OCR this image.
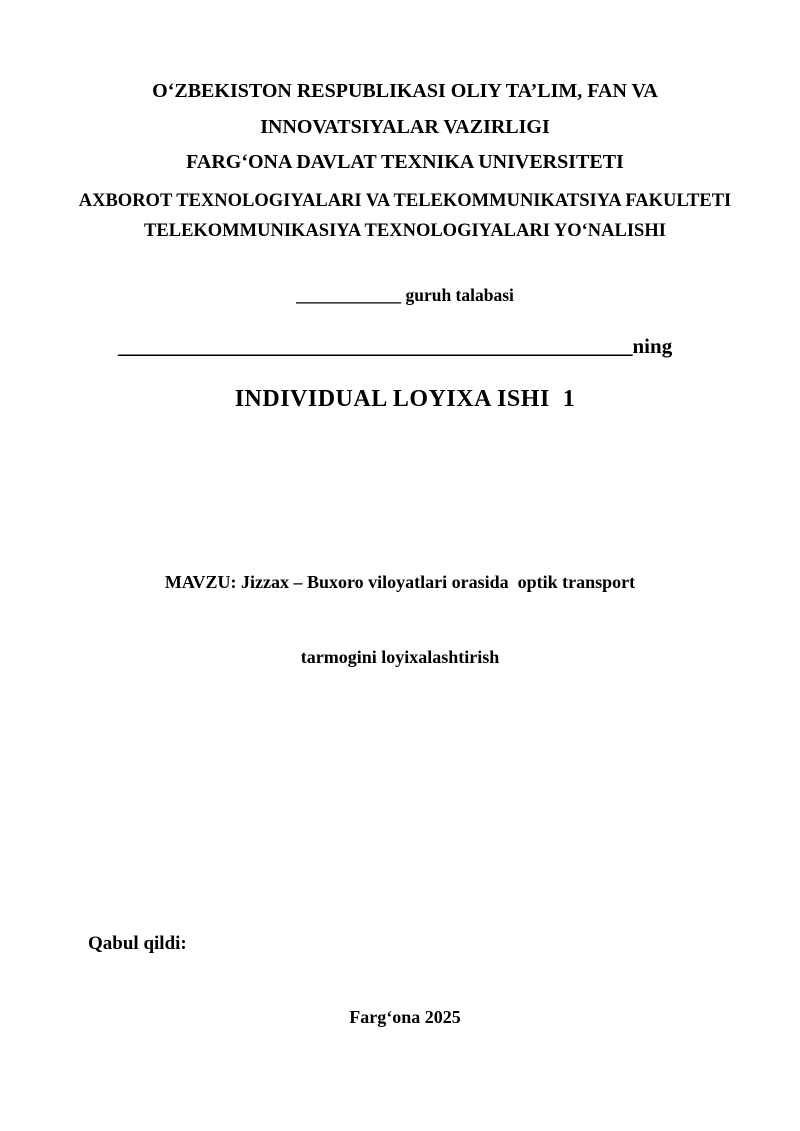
O‘ZBEKISTON RESPUBLIKASI OLIY TA’LIM, FAN VA
INNOVATSIYALAR VAZIRLIGI
FARG‘ONA DAVLAT TEXNIKA UNIVERSITETI
AXBOROT TEXNOLOGIYALARI VA TELEKOMMUNIKATSIYA FAKULTETI
TELEKOMMUNIKASIYA TEXNOLOGIYALARI YO‘NALISHI
____________ guruh talabasi
_________________________________________________ning
INDIVIDUAL LOYIXA ISHI  1

MAVZU: Jizzax – Buxoro viloyatlari orasida  optik transport

tarmogini loyixalashtirish

Qabul qildi:
Farg‘ona 2025
